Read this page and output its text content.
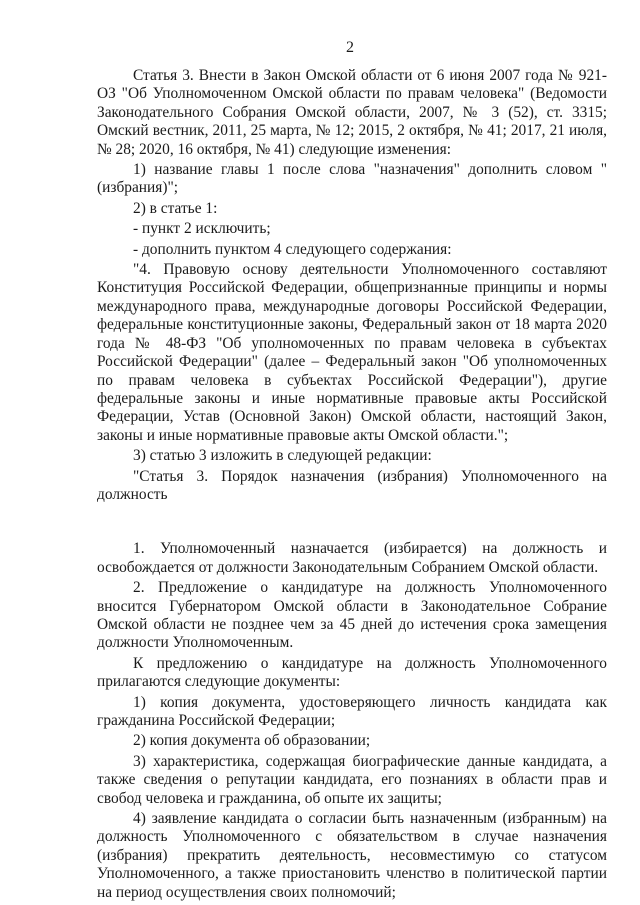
2

Статья 3. Внести в Закон Омской области от 6 июня 2007 года № 921-ОЗ "Об Уполномоченном Омской области по правам человека" (Ведомости Законодательного Собрания Омской области, 2007, № 3 (52), ст. 3315; Омский вестник, 2011, 25 марта, № 12; 2015, 2 октября, № 41; 2017, 21 июля, № 28; 2020, 16 октября, № 41) следующие изменения:

1) название главы 1 после слова "назначения" дополнить словом "(избрания)";

2) в статье 1:

- пункт 2 исключить;

- дополнить пунктом 4 следующего содержания:

"4. Правовую основу деятельности Уполномоченного составляют Конституция Российской Федерации, общепризнанные принципы и нормы международного права, международные договоры Российской Федерации, федеральные конституционные законы, Федеральный закон от 18 марта 2020 года № 48-ФЗ "Об уполномоченных по правам человека в субъектах Российской Федерации" (далее – Федеральный закон "Об уполномоченных по правам человека в субъектах Российской Федерации"), другие федеральные законы и иные нормативные правовые акты Российской Федерации, Устав (Основной Закон) Омской области, настоящий Закон, законы и иные нормативные правовые акты Омской области.";

3) статью 3 изложить в следующей редакции:

"Статья 3. Порядок назначения (избрания) Уполномоченного на должность

1. Уполномоченный назначается (избирается) на должность и освобождается от должности Законодательным Собранием Омской области.

2. Предложение о кандидатуре на должность Уполномоченного вносится Губернатором Омской области в Законодательное Собрание Омской области не позднее чем за 45 дней до истечения срока замещения должности Уполномоченным.

К предложению о кандидатуре на должность Уполномоченного прилагаются следующие документы:

1) копия документа, удостоверяющего личность кандидата как гражданина Российской Федерации;

2) копия документа об образовании;

3) характеристика, содержащая биографические данные кандидата, а также сведения о репутации кандидата, его познаниях в области прав и свобод человека и гражданина, об опыте их защиты;

4) заявление кандидата о согласии быть назначенным (избранным) на должность Уполномоченного с обязательством в случае назначения (избрания) прекратить деятельность, несовместимую со статусом Уполномоченного, а также приостановить членство в политической партии на период осуществления своих полномочий;
